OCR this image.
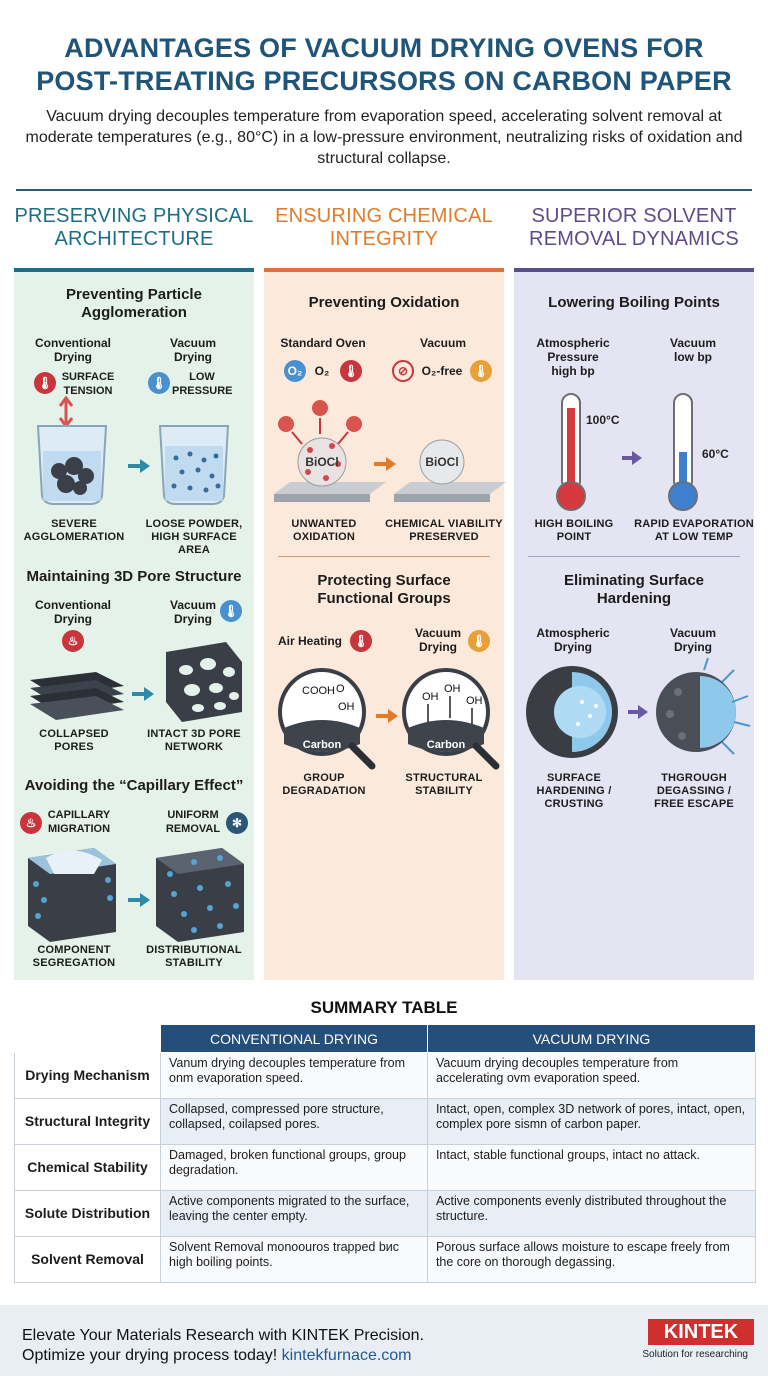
ADVANTAGES OF VACUUM DRYING OVENS FOR
POST-TREATING PRECURSORS ON CARBON PAPER
Vacuum drying decouples temperature from evaporation speed, accelerating solvent removal at moderate temperatures (e.g., 80°C) in a low-pressure environment, neutralizing risks of oxidation and structural collapse.
PRESERVING PHYSICAL
ARCHITECTURE
Preventing Particle
Agglomeration
Conventional
Drying
Vacuum
Drying
🌡 SURFACE
TENSION
🌡	LOW
PRESSURE
SEVERE
AGGLOMERATION
LOOSE POWDER,
HIGH SURFACE AREA
Maintaining 3D Pore Structure
Conventional
Drying
Vacuum
Drying
🌡
♨
COLLAPSED
PORES
INTACT 3D PORE
NETWORK
Avoiding the “Capillary Effect”
♨
CAPILLARY
MIGRATION
UNIFORM
REMOVAL ✻
COMPONENT
SEGREGATION
DISTRIBUTIONAL
STABILITY
ENSURING CHEMICAL
INTEGRITY
Preventing Oxidation
Standard Oven	Vacuum
O₂	O₂	🌡	⊘	O₂-free 🌡
BiOCl	BiOCl
UNWANTED
OXIDATION
CHEMICAL VIABILITY
PRESERVED
Protecting Surface
Functional Groups
Air Heating 🌡
Vacuum
Drying	🌡
COOH O
OH
Carbon
OH
OH
OH
Carbon
GROUP
DEGRADATION
STRUCTURAL
STABILITY
SUPERIOR SOLVENT
REMOVAL DYNAMICS
Lowering Boiling Points
Atmospheric
Pressure
high bp
Vacuum
low bp
100°C
60°C
HIGH BOILING
POINT
RAPID EVAPORATION
AT LOW TEMP
Eliminating Surface
Hardening
Atmospheric
Drying
Vacuum
Drying
SURFACE
HARDENING /
CRUSTING
THGROUGH
DEGASSING /
FREE ESCAPE
SUMMARY TABLE
	CONVENTIONAL DRYING	VACUUM DRYING
Drying Mechanism	Vanum drying decouples temperature from onm evaporation speed.	Vacuum drying decouples temperature from accelerating ovm evaporation speed.
Structural Integrity	Collapsed, compressed pore structure, collapsed, coilapsed pores.	Intact, open, complex 3D network of pores, intact, open, complex pore sismn of carbon paper.
Chemical Stability	Damaged, broken functional groups, group degradation.	Intact, stable functional groups, intact no attack.
Solute Distribution	Active components migrated to the surface, leaving the center empty.	Active components evenly distributed throughout the structure.
Solvent Removal	Solvent Removal monoouros trapped bиc high boiling points.	Porous surface allows moisture to escape freely from the core on thorough degassing.
Elevate Your Materials Research with KINTEK Precision.
Optimize your drying process today! kintekfurnace.com
KINTEK
Solution for researching
